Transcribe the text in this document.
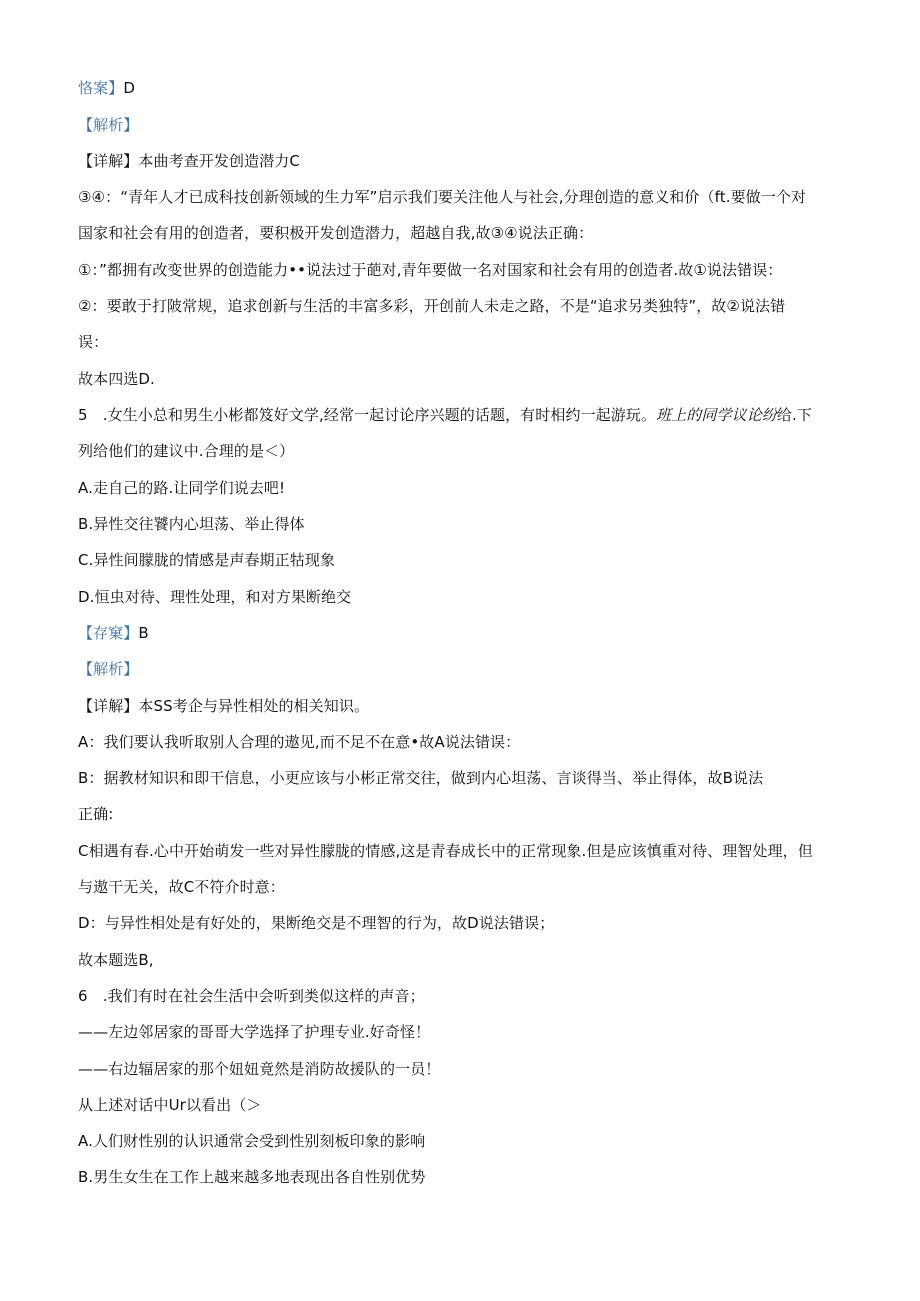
恪案】D
【解析】
【详解】本曲考查开发创造潜力C
③④：“青年人才已成科技创新领域的生力军”启示我们要关注他人与社会,分理创造的意义和价（ft.要做一个对
国家和社会有用的创造者，要积极开发创造潜力，超越自我,故③④说法正确：
①：”都拥有改变世界的创造能力••说法过于葩对,青年要做一名对国家和社会有用的创造者.故①说法错误：
②：要敢于打陂常规，追求创新与生活的丰富多彩，开创前人未走之路，不是“追求另类独特”，故②说法错
误：
故本四选D.
5　.女生小总和男生小彬都笈好文学,经常一起讨论序兴题的话题，有时相约一起游玩。班上的同学议论纷给.下
列给他们的建议中.合理的是＜）
A.走自己的路.让同学们说去吧!
B.异性交往饕内心坦荡、举止得体
C.异性间朦胧的情感是声春期正牯现象
D.恒虫对待、理性处理，和对方果断绝交
【存窠】B
【解析】
【详解】本SS考企与异性相处的相关知识。
A：我们要认我听取别人合理的遨见,而不足不在意•故A说法错误：
B：据教材知识和即干信息，小更应该与小彬正常交往，做到内心坦荡、言谈得当、举止得体，故B说法
正确:
C相遇有春.心中开始萌发一些对异性朦胧的情感,这是青春成长中的正常现象.但是应该慎重对待、理智处理，但
与遨干无关，故C不符介时意：
D：与异性相处是有好处的，果断绝交是不理智的行为，故D说法错误；
故本题选B,
6　.我们有时在社会生活中会听到类似这样的声音；
——左边邻居家的哥哥大学选择了护理专业.好奇怪！
——右边辐居家的那个妞妞竟然是消防故援队的一员！
从上述对话中Ur以看出（＞
A.人们财性别的认识通常会受到性别刻板印象的影响
B.男生女生在工作上越来越多地表现出各自性别优势
